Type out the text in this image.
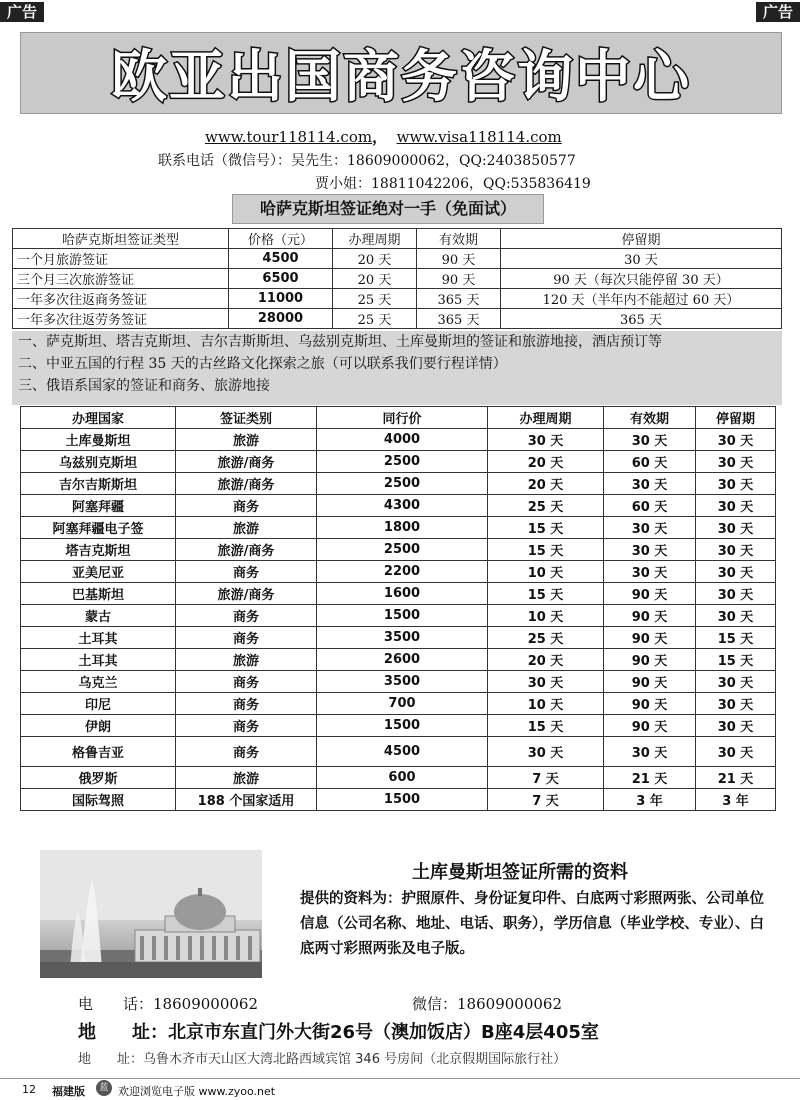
广告	广告
欧亚出国商务咨询中心
www.tour118114.com， www.visa118114.com
联系电话（微信号）：吴先生：18609000062，QQ:2403850577
贾小姐：18811042206，QQ:535836419
哈萨克斯坦签证绝对一手（免面试）
哈萨克斯坦签证类型	价格（元）	办理周期	有效期	停留期
一个月旅游签证	4500	20 天	90 天	30 天
三个月三次旅游签证	6500	20 天	90 天	90 天（每次只能停留 30 天）
一年多次往返商务签证	11000	25 天	365 天	120 天（半年内不能超过 60 天）
一年多次往返劳务签证	28000	25 天	365 天	365 天
一、萨克斯坦、塔吉克斯坦、吉尔吉斯斯坦、乌兹别克斯坦、土库曼斯坦的签证和旅游地接，酒店预订等
二、中亚五国的行程 35 天的古丝路文化探索之旅（可以联系我们要行程详情）
三、俄语系国家的签证和商务、旅游地接
办理国家	签证类别	同行价	办理周期	有效期	停留期
土库曼斯坦	旅游	4000	30 天	30 天	30 天
乌兹别克斯坦	旅游/商务	2500	20 天	60 天	30 天
吉尔吉斯斯坦	旅游/商务	2500	20 天	30 天	30 天
阿塞拜疆	商务	4300	25 天	60 天	30 天
阿塞拜疆电子签	旅游	1800	15 天	30 天	30 天
塔吉克斯坦	旅游/商务	2500	15 天	30 天	30 天
亚美尼亚	商务	2200	10 天	30 天	30 天
巴基斯坦	旅游/商务	1600	15 天	90 天	30 天
蒙古	商务	1500	10 天	90 天	30 天
土耳其	商务	3500	25 天	90 天	15 天
土耳其	旅游	2600	20 天	90 天	15 天
乌克兰	商务	3500	30 天	90 天	30 天
印尼	商务	700	10 天	90 天	30 天
伊朗	商务	1500	15 天	90 天	30 天
格鲁吉亚	商务	4500	30 天	30 天	30 天
俄罗斯	旅游	600	7 天	21 天	21 天
国际驾照	188 个国家适用	1500	7 天	3 年	3 年
土库曼斯坦签证所需的资料
提供的资料为：护照原件、身份证复印件、白底两寸彩照两张、公司单位信息（公司名称、地址、电话、职务），学历信息（毕业学校、专业）、白底两寸彩照两张及电子版。
电　　话：18609000062	微信：18609000062
地　　址：北京市东直门外大街26号（澳加饭店）B座4层405室
地　　址：乌鲁木齐市天山区大湾北路西域宾馆 346 号房间（北京假期国际旅行社）
12 福建版	蓝 欢迎浏览电子版 www.zyoo.net
